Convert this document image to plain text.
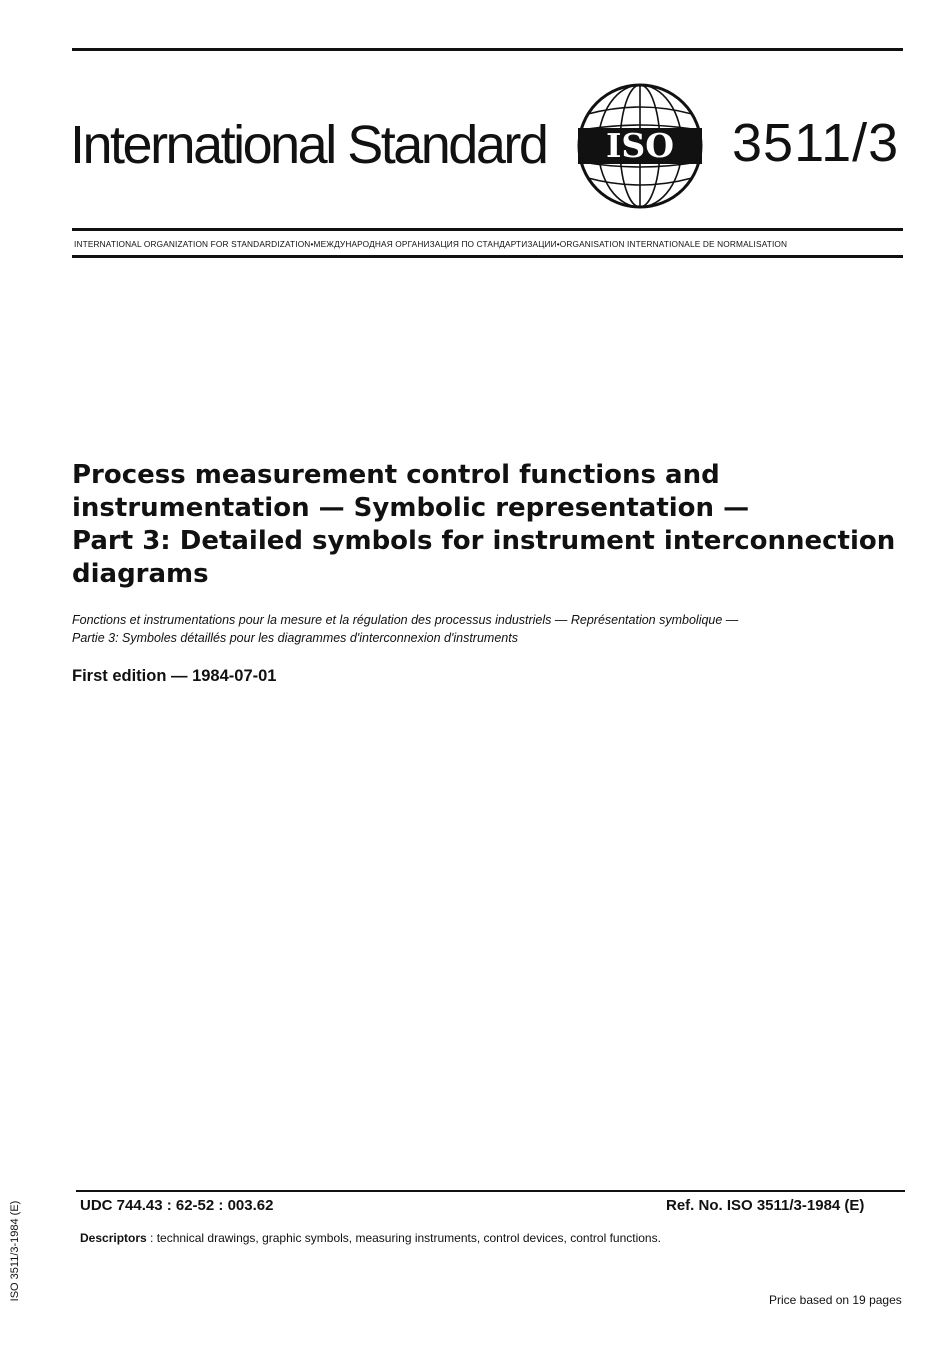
International Standard ISO 3511/3
INTERNATIONAL ORGANIZATION FOR STANDARDIZATION•МЕЖДУНАРОДНАЯ ОРГАНИЗАЦИЯ ПО СТАНДАРТИЗАЦИИ•ORGANISATION INTERNATIONALE DE NORMALISATION
Process measurement control functions and
instrumentation — Symbolic representation —
Part 3: Detailed symbols for instrument interconnection
diagrams
Fonctions et instrumentations pour la mesure et la régulation des processus industriels — Représentation symbolique —
Partie 3: Symboles détaillés pour les diagrammes d'interconnexion d'instruments
First edition — 1984-07-01
UDC 744.43 : 62-52 : 003.62	Ref. No. ISO 3511/3-1984 (E)
Descriptors : technical drawings, graphic symbols, measuring instruments, control devices, control functions.
Price based on 19 pages
ISO 3511/3-1984 (E)
